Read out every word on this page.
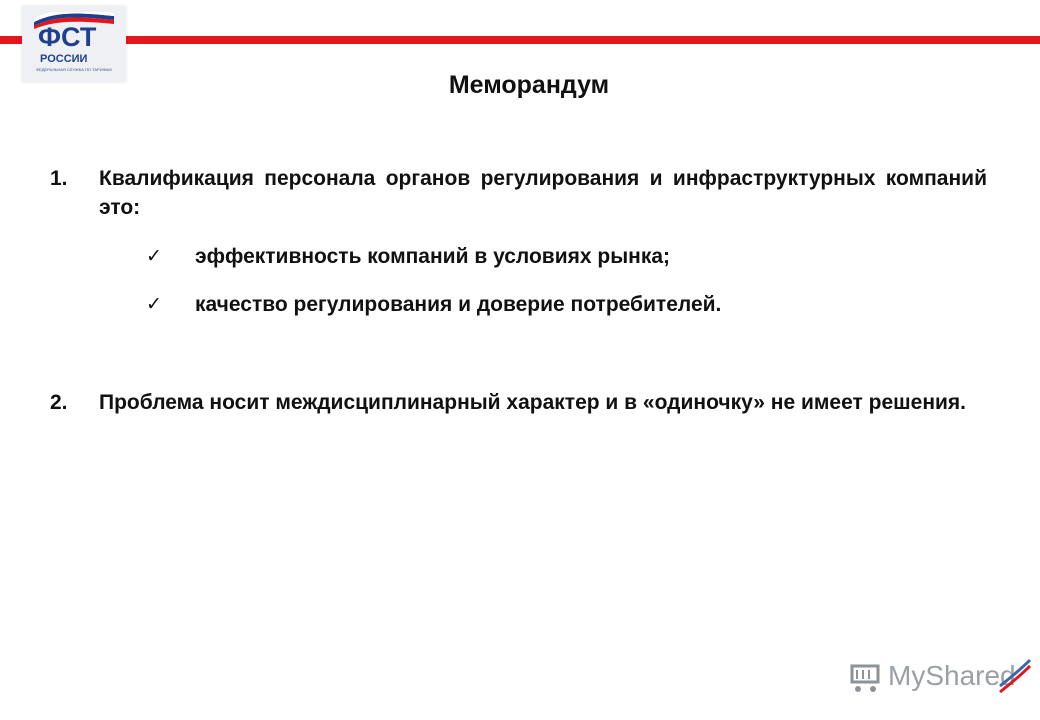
ФСТ
РОССИИ
ФЕДЕРАЛЬНАЯ СЛУЖБА ПО ТАРИФАМ
Меморандум
1. Квалификация персонала органов регулирования и инфраструктурных компаний это:
✓ эффективность компаний в условиях рынка;
✓ качество регулирования и доверие потребителей.
2. Проблема носит междисциплинарный характер и в «одиночку» не имеет решения.
MyShared
